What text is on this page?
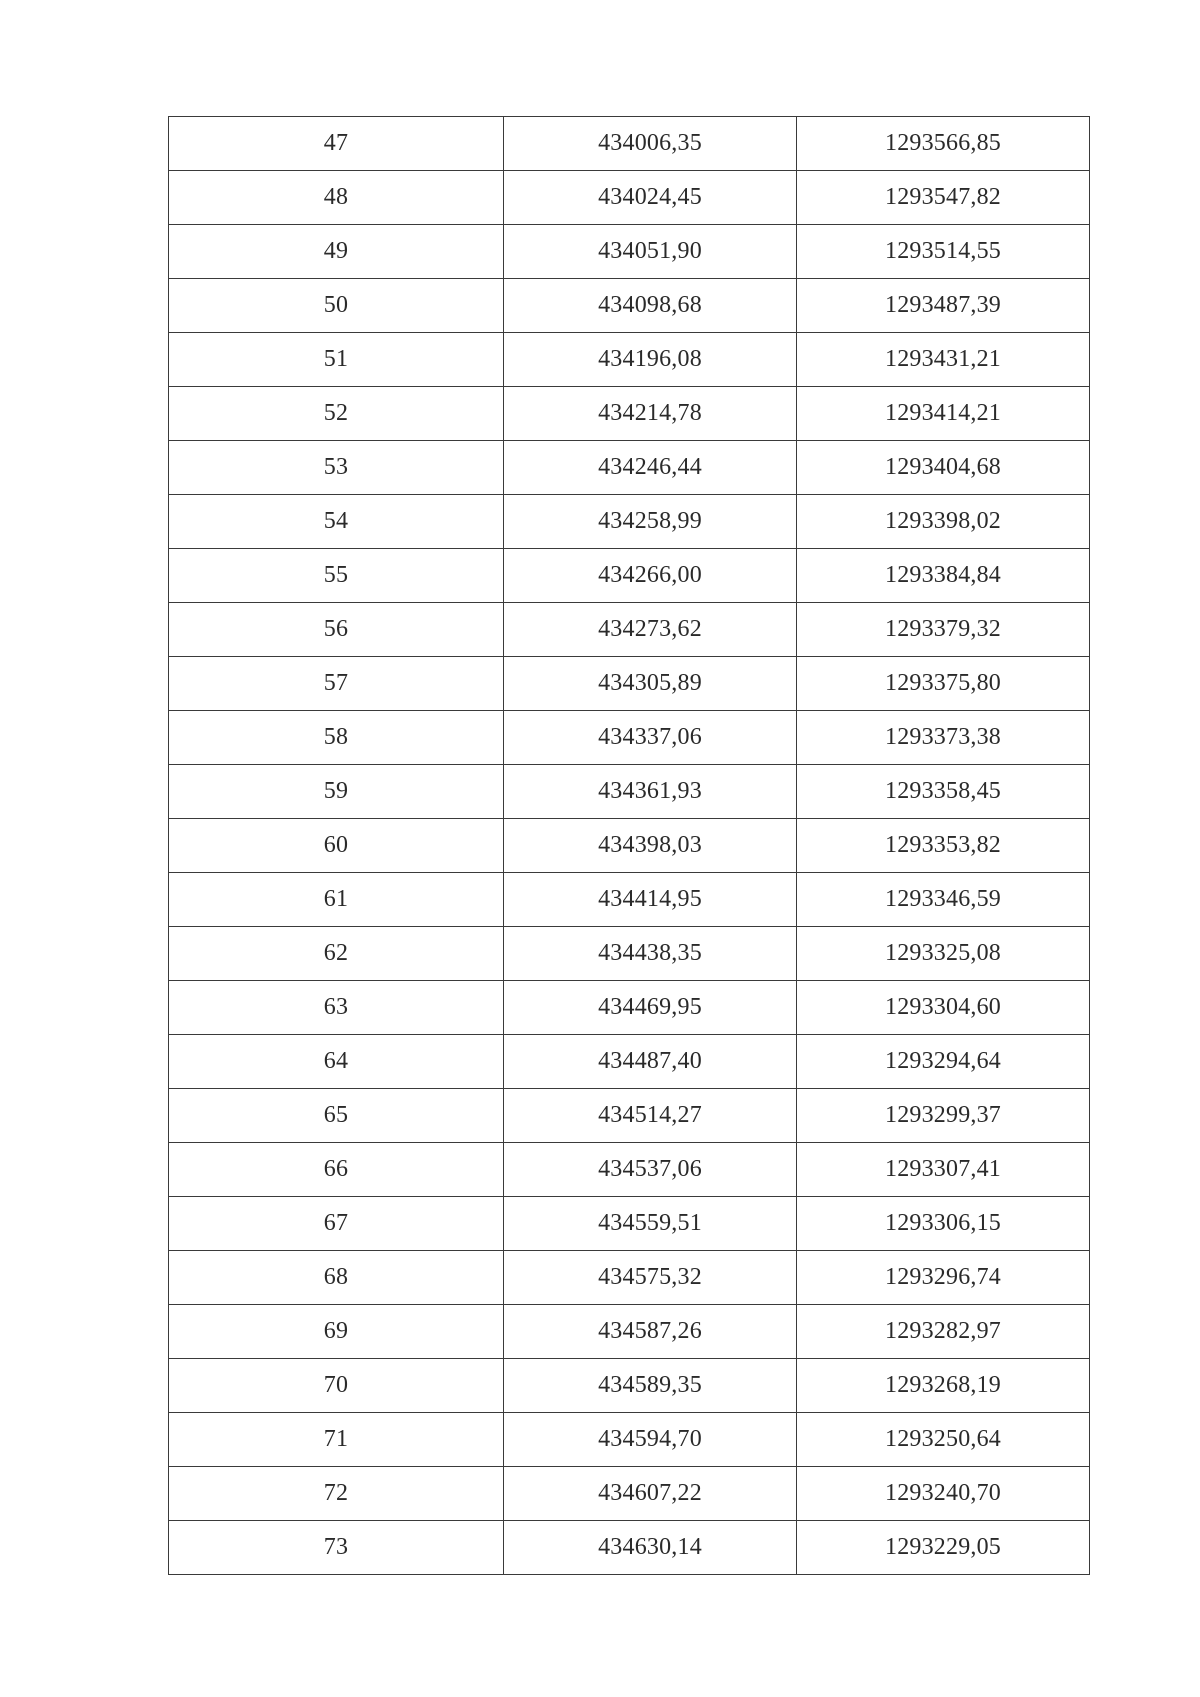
47	434006,35	1293566,85
48	434024,45	1293547,82
49	434051,90	1293514,55
50	434098,68	1293487,39
51	434196,08	1293431,21
52	434214,78	1293414,21
53	434246,44	1293404,68
54	434258,99	1293398,02
55	434266,00	1293384,84
56	434273,62	1293379,32
57	434305,89	1293375,80
58	434337,06	1293373,38
59	434361,93	1293358,45
60	434398,03	1293353,82
61	434414,95	1293346,59
62	434438,35	1293325,08
63	434469,95	1293304,60
64	434487,40	1293294,64
65	434514,27	1293299,37
66	434537,06	1293307,41
67	434559,51	1293306,15
68	434575,32	1293296,74
69	434587,26	1293282,97
70	434589,35	1293268,19
71	434594,70	1293250,64
72	434607,22	1293240,70
73	434630,14	1293229,05
